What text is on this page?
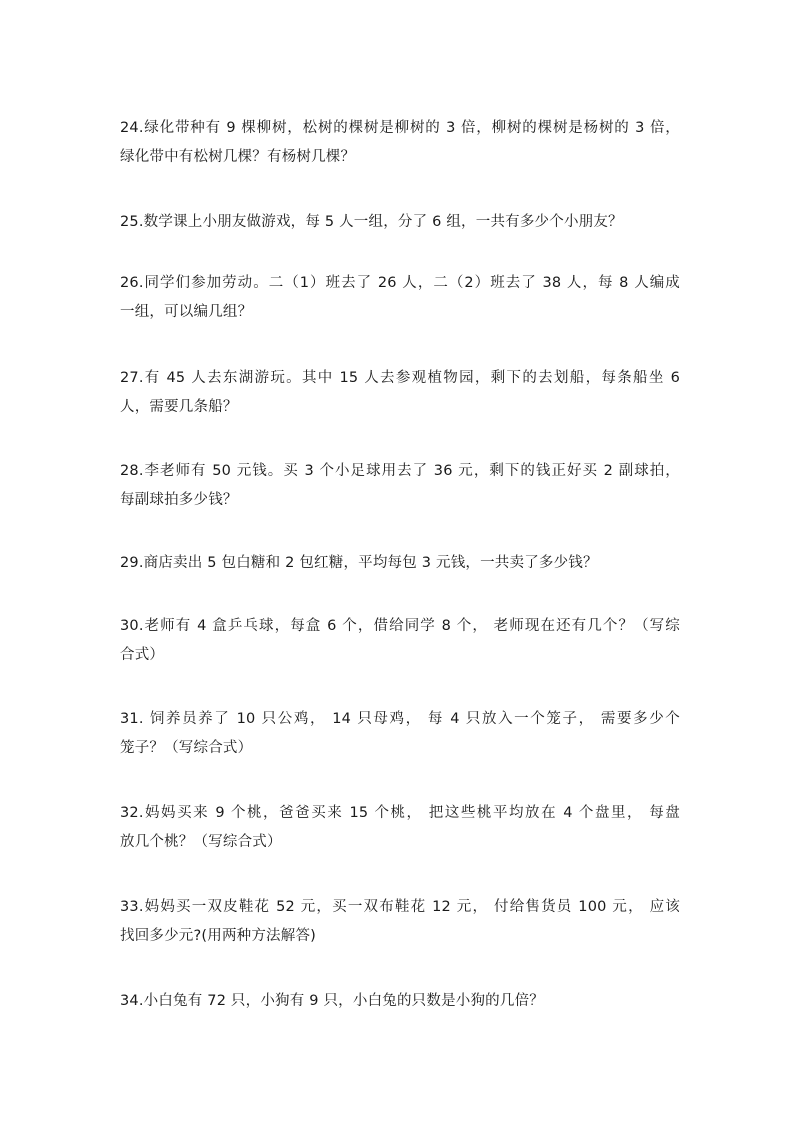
24.绿化带种有 9 棵柳树，松树的棵树是柳树的 3 倍，柳树的棵树是杨树的 3 倍，
绿化带中有松树几棵？有杨树几棵？

25.数学课上小朋友做游戏，每 5 人一组，分了 6 组，一共有多少个小朋友？

26.同学们参加劳动。二（1）班去了 26 人，二（2）班去了 38 人，每 8 人编成
一组，可以编几组？

27.有 45 人去东湖游玩。其中 15 人去参观植物园，剩下的去划船，每条船坐 6
人，需要几条船？

28.李老师有 50 元钱。买 3 个小足球用去了 36 元，剩下的钱正好买 2 副球拍，
每副球拍多少钱？

29.商店卖出 5 包白糖和 2 包红糖，平均每包 3 元钱，一共卖了多少钱？

30.老师有 4 盒乒乓球，每盒 6 个，借给同学 8 个， 老师现在还有几个？（写综
合式）

31. 饲养员养了 10 只公鸡， 14 只母鸡， 每 4 只放入一个笼子， 需要多少个
笼子？（写综合式）

32.妈妈买来 9 个桃，爸爸买来 15 个桃， 把这些桃平均放在 4 个盘里， 每盘
放几个桃？（写综合式）

33.妈妈买一双皮鞋花 52 元，买一双布鞋花 12 元， 付给售货员 100 元， 应该
找回多少元?(用两种方法解答)

34.小白兔有 72 只，小狗有 9 只，小白兔的只数是小狗的几倍？
